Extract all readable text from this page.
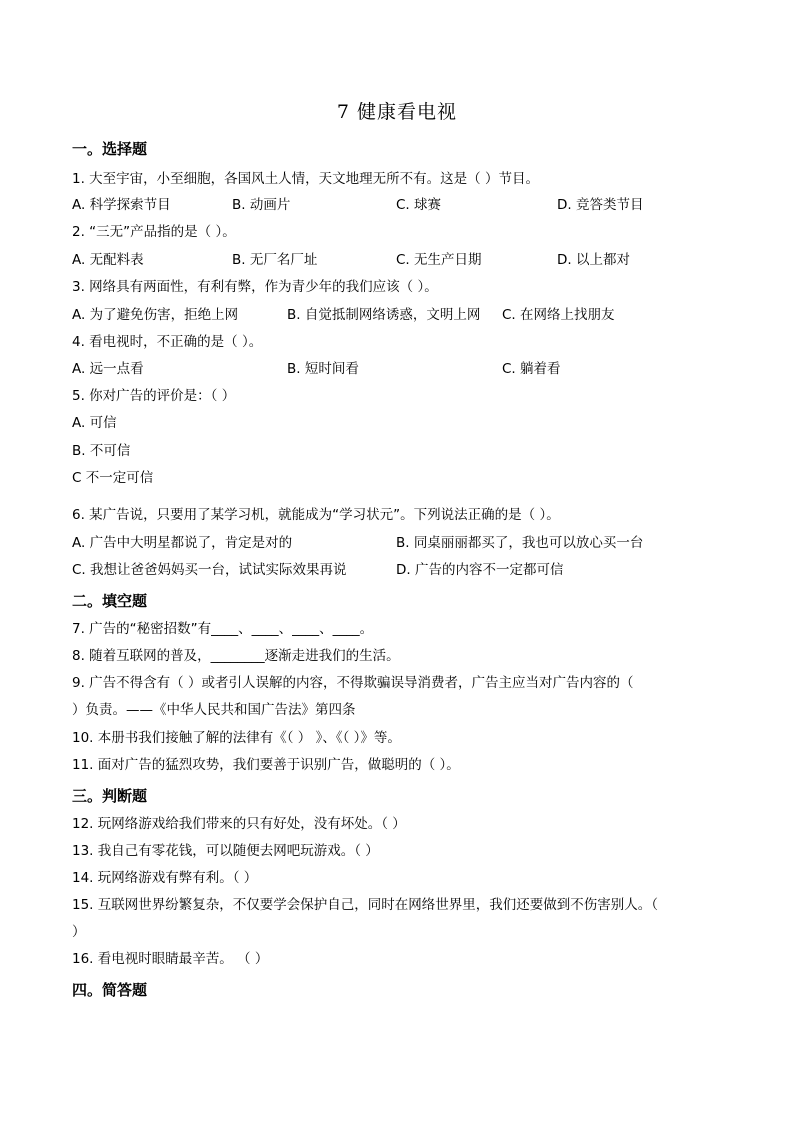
7 健康看电视
一。选择题
1. 大至宇宙，小至细胞，各国风土人情，天文地理无所不有。这是（ ）节目。
A. 科学探索节目	B. 动画片	C. 球赛	D. 竞答类节目
2. “三无”产品指的是（ ）。
A. 无配料表	B. 无厂名厂址	C. 无生产日期	D. 以上都对
3. 网络具有两面性，有利有弊，作为青少年的我们应该（ ）。
A. 为了避免伤害，拒绝上网	B. 自觉抵制网络诱惑，文明上网 C. 在网络上找朋友
4. 看电视时，不正确的是（ ）。
A. 远一点看	B. 短时间看	C. 躺着看
5. 你对广告的评价是：（ ）
A. 可信
B. 不可信
C 不一定可信
6. 某广告说，只要用了某学习机，就能成为“学习状元”。下列说法正确的是（ ）。
A. 广告中大明星都说了，肯定是对的	B. 同桌丽丽都买了，我也可以放心买一台
C. 我想让爸爸妈妈买一台，试试实际效果再说	D. 广告的内容不一定都可信
二。填空题
7. 广告的“秘密招数”有____、____、____、____。
8. 随着互联网的普及，________逐渐走进我们的生活。
9. 广告不得含有（ ）或者引人误解的内容，不得欺骗误导消费者，广告主应当对广告内容的（
）负责。——《中华人民共和国广告法》第四条
10. 本册书我们接触了解的法律有《（ ） 》、《（ ）》等。
11. 面对广告的猛烈攻势，我们要善于识别广告，做聪明的（ ）。
三。判断题
12. 玩网络游戏给我们带来的只有好处，没有坏处。（ ）
13. 我自己有零花钱，可以随便去网吧玩游戏。（ ）
14. 玩网络游戏有弊有利。（ ）
15. 互联网世界纷繁复杂，不仅要学会保护自己，同时在网络世界里，我们还要做到不伤害别人。（
）
16. 看电视时眼睛最辛苦。 （ ）
四。简答题
